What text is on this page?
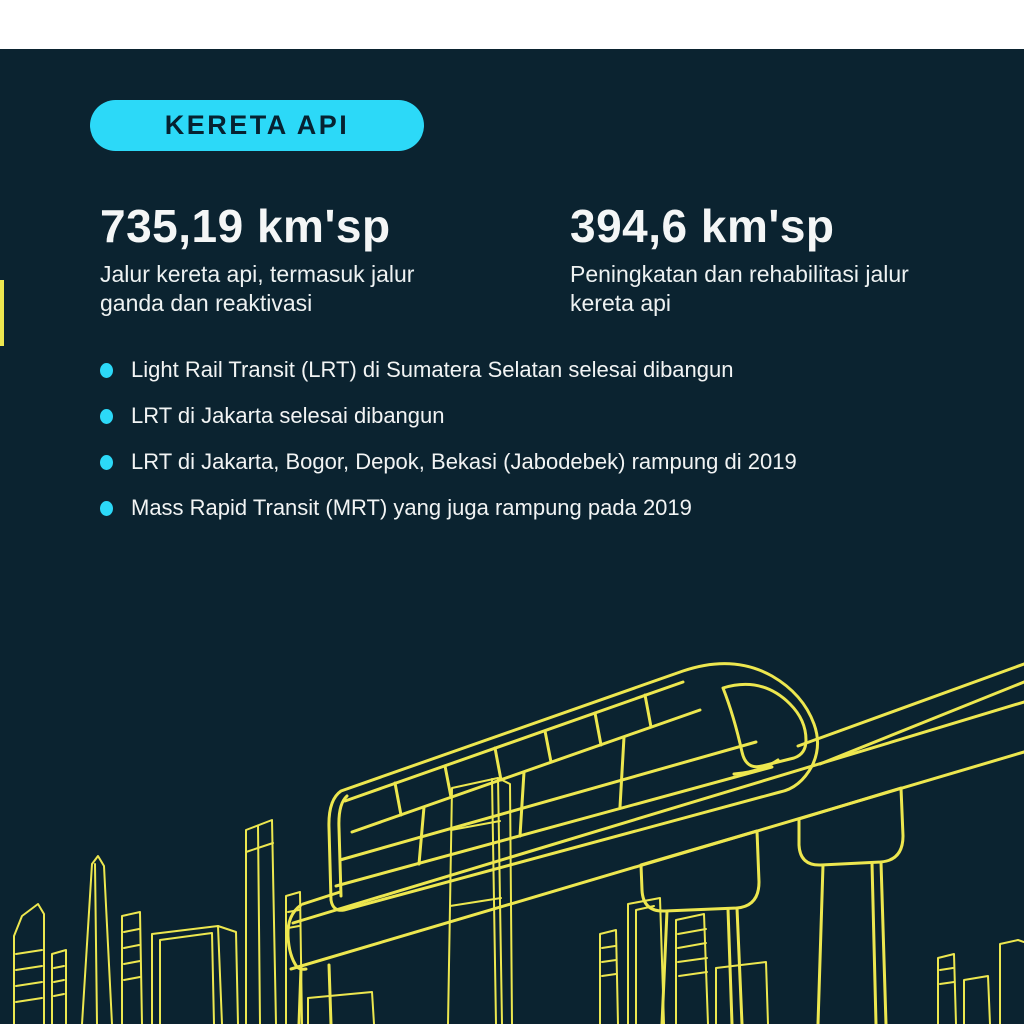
KERETA API
735,19 km'sp
Jalur kereta api, termasuk jalur ganda dan reaktivasi
394,6 km'sp
Peningkatan dan rehabilitasi jalur kereta api
Light Rail Transit (LRT) di Sumatera Selatan selesai dibangun
LRT di Jakarta selesai dibangun
LRT di Jakarta, Bogor, Depok, Bekasi (Jabodebek) rampung di 2019
Mass Rapid Transit (MRT) yang juga rampung pada 2019
